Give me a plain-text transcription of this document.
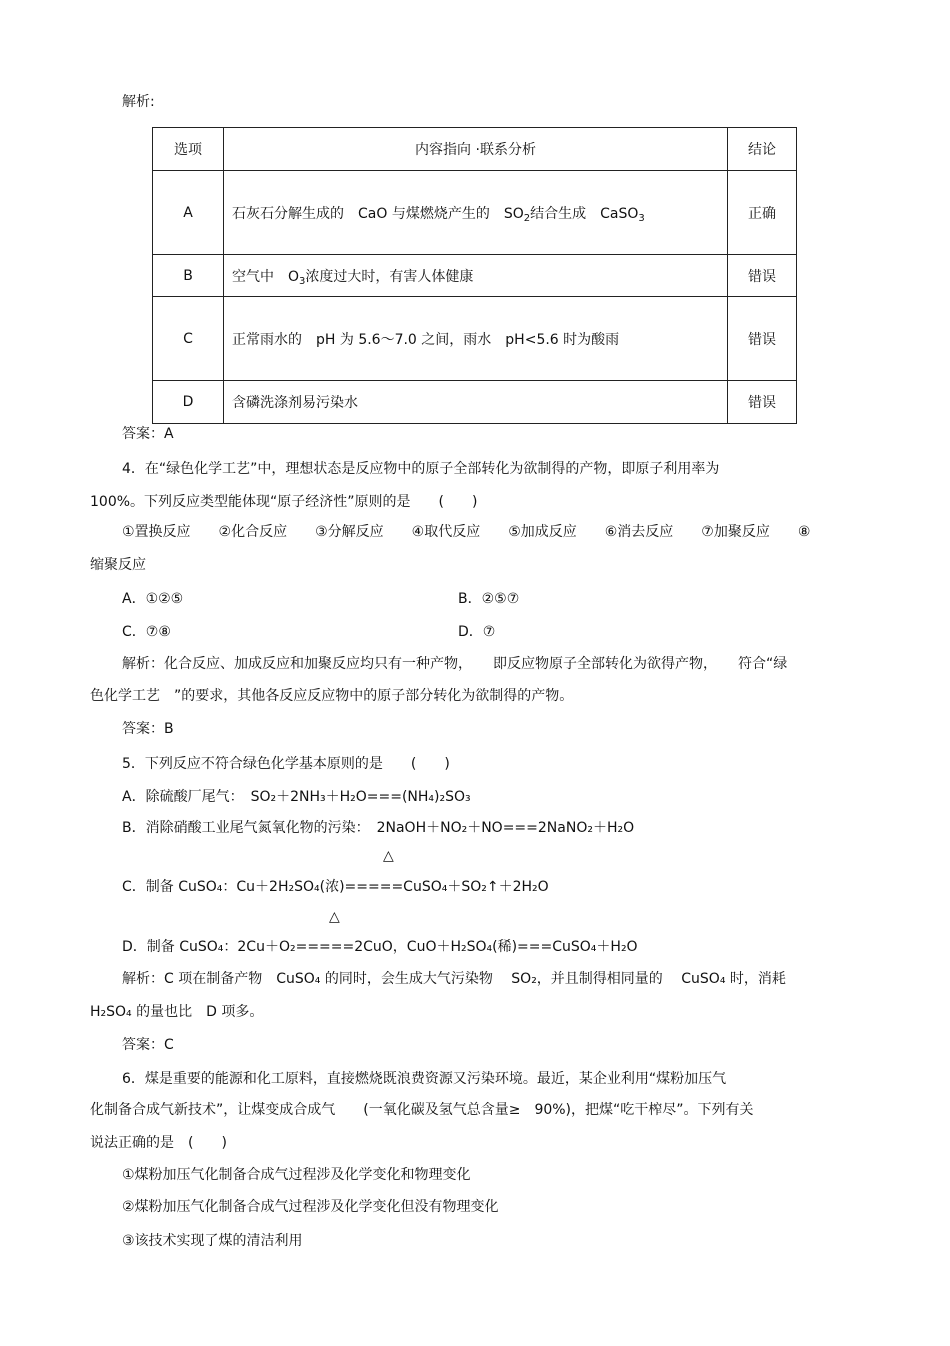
解析:
选项	内容指向 ·联系分析	结论
A	石灰石分解生成的　CaO 与煤燃烧产生的　$SO_2$结合生成　CaSO$_3$	正确
B	空气中　$O_3$浓度过大时，有害人体健康	错误
C	正常雨水的　pH 为 5.6～7.0 之间，雨水　pH<5.6 时为酸雨	错误
D	含磷洗涤剂易污染水	错误
答案：A
4．在“绿色化学工艺”中，理想状态是反应物中的原子全部转化为欲制得的产物，即原子利用率为
100%。下列反应类型能体现“原子经济性”原则的是　　(　　)
①置换反应　　②化合反应　　③分解反应　　④取代反应　　⑤加成反应　　⑥消去反应　　⑦加聚反应　　⑧
缩聚反应
A．①②⑤	B．②⑤⑦
C．⑦⑧	D．⑦
解析：化合反应、加成反应和加聚反应均只有一种产物，　　即反应物原子全部转化为欲得产物，　　符合“绿
色化学工艺　”的要求，其他各反应反应物中的原子部分转化为欲制得的产物。
答案：B
5．下列反应不符合绿色化学基本原则的是　　(　　)
A．除硫酸厂尾气：　SO₂＋2NH₃＋H₂O===(NH₄)₂SO₃
B．消除硝酸工业尾气氮氧化物的污染：　2NaOH＋NO₂＋NO===2NaNO₂＋H₂O
△
C．制备 CuSO₄：Cu＋2H₂SO₄(浓)=====CuSO₄＋SO₂↑＋2H₂O
△
D．制备 CuSO₄：2Cu＋O₂=====2CuO，CuO＋H₂SO₄(稀)===CuSO₄＋H₂O
解析：C 项在制备产物　CuSO₄ 的同时，会生成大气污染物　 SO₂，并且制得相同量的　 CuSO₄ 时，消耗
H₂SO₄ 的量也比　D 项多。
答案：C
6．煤是重要的能源和化工原料，直接燃烧既浪费资源又污染环境。最近，某企业利用“煤粉加压气
化制备合成气新技术”，让煤变成合成气　　(一氧化碳及氢气总含量≥　90%)，把煤“吃干榨尽”。下列有关
说法正确的是　(　　)
①煤粉加压气化制备合成气过程涉及化学变化和物理变化
②煤粉加压气化制备合成气过程涉及化学变化但没有物理变化
③该技术实现了煤的清洁利用
